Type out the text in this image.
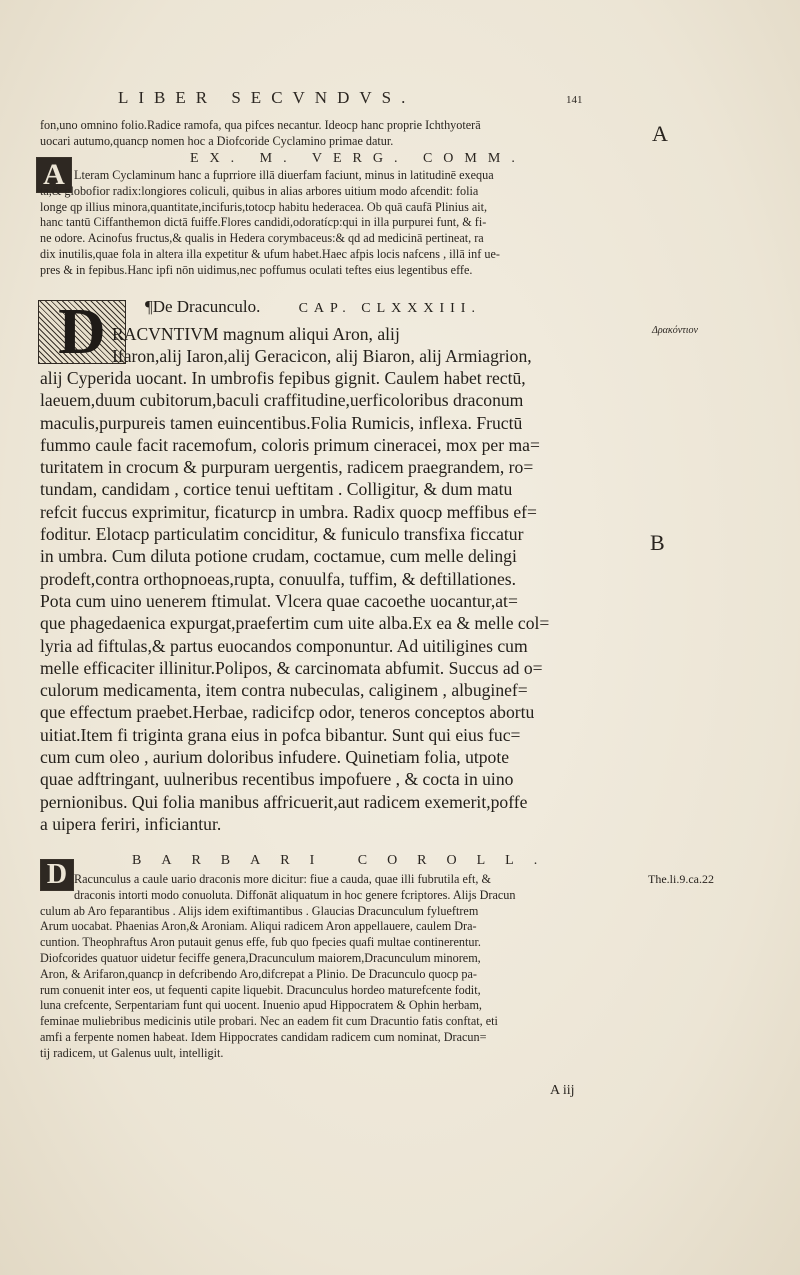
LIBER SECVNDVS.	141
A
Δρακόντιον
B
The.li.9.ca.22
fon,uno omnino folio.Radice ramofa, qua pifces necantur. Ideocp hanc proprie Ichthyoterā
uocari autumo,quancp nomen hoc a Diofcoride Cyclamino primae datur.
EX. M. VERG. COMM.
A Lteram Cyclaminum hanc a fuprriore illā diuerfam faciunt, minus in latitudinē exequa
ta,& globofior radix:longiores coliculi, quibus in alias arbores uitium modo afcendit: folia
longe qp illius minora,quantitate,incifuris,totocp habitu hederacea. Ob quā caufā Plinius ait,
hanc tantū Ciffanthemon dictā fuiffe.Flores candidi,odoratícp:qui in illa purpurei funt, & fi-
ne odore. Acinofus fructus,& qualis in Hedera corymbaceus:& qd ad medicinā pertineat, ra
dix inutilis,quae fola in altera illa expetitur & ufum habet.Haec afpis locis nafcens , illā inf ue-
pres & in fepibus.Hanc ipfi nōn uidimus,nec poffumus oculati teftes eius legentibus effe.
¶De Dracunculo.	CAP. CLXXXIII.
D RACVNTIVM magnum aliqui Aron, alij
Ifaron,alij Iaron,alij Geracicon, alij Biaron, alij Armiagrion,
alij Cyperida uocant. In umbrofis fepibus gignit. Caulem habet rectū,
laeuem,duum cubitorum,baculi craffitudine,uerficoloribus draconum
maculis,purpureis tamen euincentibus.Folia Rumicis, inflexa. Fructū
fummo caule facit racemofum, coloris primum cineracei, mox per ma=
turitatem in crocum & purpuram uergentis, radicem praegrandem, ro=
tundam, candidam , cortice tenui ueftitam . Colligitur, & dum matu
refcit fuccus exprimitur, ficaturcp in umbra. Radix quocp meffibus ef=
foditur. Elotacp particulatim conciditur, & funiculo transfixa ficcatur
in umbra. Cum diluta potione crudam, coctamue, cum melle delingi
prodeft,contra orthopnoeas,rupta, conuulfa, tuffim, & deftillationes.
Pota cum uino uenerem ftimulat. Vlcera quae cacoethe uocantur,at=
que phagedaenica expurgat,praefertim cum uite alba.Ex ea & melle col=
lyria ad fiftulas,& partus euocandos componuntur. Ad uitiligines cum
melle efficaciter illinitur.Polipos, & carcinomata abfumit. Succus ad o=
culorum medicamenta, item contra nubeculas, caliginem , albuginef=
que effectum praebet.Herbae, radicifcp odor, teneros conceptos abortu
uitiat.Item fi triginta grana eius in pofca bibantur. Sunt qui eius fuc=
cum cum oleo , aurium doloribus infudere. Quinetiam folia, utpote
quae adftringant, uulneribus recentibus impofuere , & cocta in uino
pernionibus. Qui folia manibus affricuerit,aut radicem exemerit,poffe
a uipera feriri, inficiantur.
BARBARI COROLL.
D Racunculus a caule uario draconis more dicitur: fiue a cauda, quae illi fubrutila eft, &
draconis intorti modo conuoluta. Diffonāt aliquatum in hoc genere fcriptores. Alijs Dracun
culum ab Aro feparantibus . Alijs idem exiftimantibus . Glaucias Dracunculum fylueftrem
Arum uocabat. Phaenias Aron,& Aroniam. Aliqui radicem Aron appellauere, caulem Dra-
cuntion. Theophraftus Aron putauit genus effe, fub quo fpecies quafi multae continerentur.
Diofcorides quatuor uidetur feciffe genera,Dracunculum maiorem,Dracunculum minorem,
Aron, & Arifaron,quancp in defcribendo Aro,difcrepat a Plinio. De Dracunculo quocp pa-
rum conuenit inter eos, ut fequenti capite liquebit. Dracunculus hordeo maturefcente fodit,
luna crefcente, Serpentariam funt qui uocent. Inuenio apud Hippocratem & Ophin herbam,
feminae muliebribus medicinis utile probari. Nec an eadem fit cum Dracuntio fatis conftat, eti
amfi a ferpente nomen habeat. Idem Hippocrates candidam radicem cum nominat, Dracun=
tij radicem, ut Galenus uult, intelligit.
A iij
